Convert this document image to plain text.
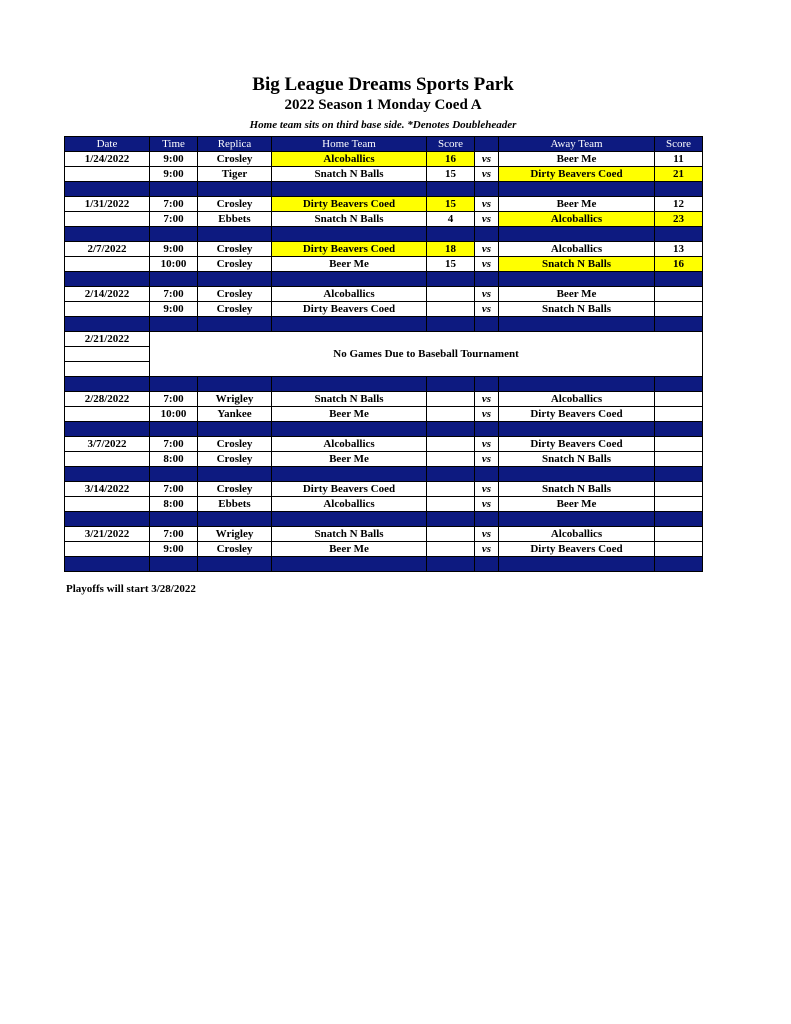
Big League Dreams Sports Park
2022 Season 1 Monday Coed A
Home team sits on third base side. *Denotes Doubleheader
Date	Time	Replica	Home Team	Score		Away Team	Score
1/24/2022	9:00	Crosley	Alcoballics	16	vs	Beer Me	11
	9:00	Tiger	Snatch N Balls	15	vs	Dirty Beavers Coed	21

1/31/2022	7:00	Crosley	Dirty Beavers Coed	15	vs	Beer Me	12
	7:00	Ebbets	Snatch N Balls	4	vs	Alcoballics	23

2/7/2022	9:00	Crosley	Dirty Beavers Coed	18	vs	Alcoballics	13
	10:00	Crosley	Beer Me	15	vs	Snatch N Balls	16

2/14/2022	7:00	Crosley	Alcoballics		vs	Beer Me	
	9:00	Crosley	Dirty Beavers Coed		vs	Snatch N Balls	

2/21/2022	No Games Due to Baseball Tournament						

2/28/2022	7:00	Wrigley	Snatch N Balls		vs	Alcoballics	
	10:00	Yankee	Beer Me		vs	Dirty Beavers Coed	

3/7/2022	7:00	Crosley	Alcoballics		vs	Dirty Beavers Coed	
	8:00	Crosley	Beer Me		vs	Snatch N Balls	

3/14/2022	7:00	Crosley	Dirty Beavers Coed		vs	Snatch N Balls	
	8:00	Ebbets	Alcoballics		vs	Beer Me	

3/21/2022	7:00	Wrigley	Snatch N Balls		vs	Alcoballics	
	9:00	Crosley	Beer Me		vs	Dirty Beavers Coed	

Playoffs will start 3/28/2022
